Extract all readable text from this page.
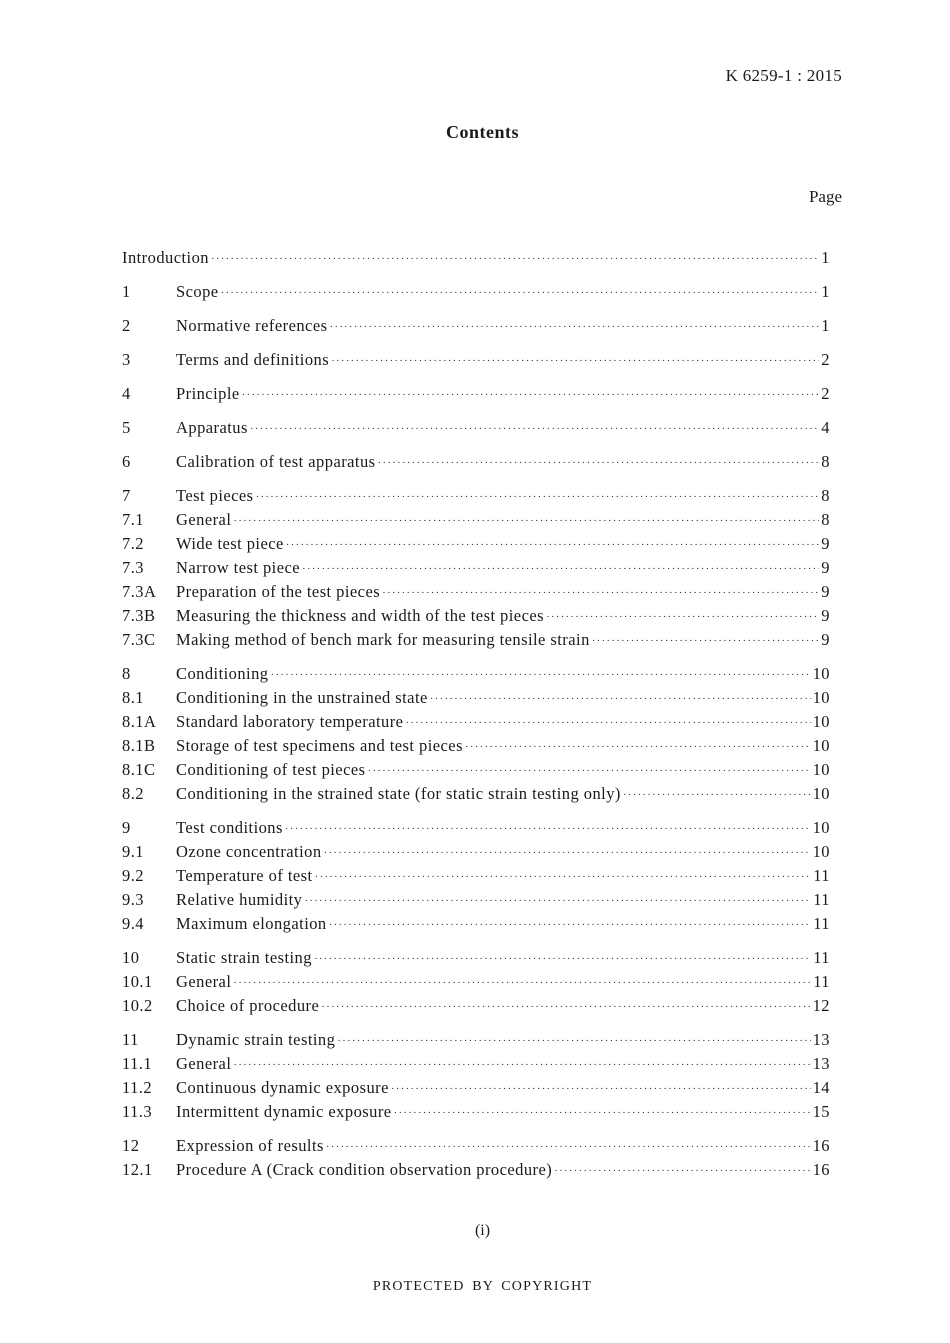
K 6259-1 : 2015
Contents
Page
Introduction ·····	1
1	Scope ·····	1
2	Normative references ·····	1
3	Terms and definitions ·····	2
4	Principle ·····	2
5	Apparatus ·····	4
6	Calibration of test apparatus ·····	8
7	Test pieces ·····	8
7.1	General ·····	8
7.2	Wide test piece ·····	9
7.3	Narrow test piece ·····	9
7.3A	Preparation of the test pieces ·····	9
7.3B	Measuring the thickness and width of the test pieces ·····	9
7.3C	Making method of bench mark for measuring tensile strain ·····	9
8	Conditioning ·····	10
8.1	Conditioning in the unstrained state ·····	10
8.1A	Standard laboratory temperature ·····	10
8.1B	Storage of test specimens and test pieces ·····	10
8.1C	Conditioning of test pieces ·····	10
8.2	Conditioning in the strained state (for static strain testing only) ·····	10
9	Test conditions ·····	10
9.1	Ozone concentration ·····	10
9.2	Temperature of test ·····	11
9.3	Relative humidity ·····	11
9.4	Maximum elongation ·····	11
10	Static strain testing ·····	11
10.1	General ·····	11
10.2	Choice of procedure ·····	12
11	Dynamic strain testing ·····	13
11.1	General ·····	13
11.2	Continuous dynamic exposure ·····	14
11.3	Intermittent dynamic exposure ·····	15
12	Expression of results ·····	16
12.1	Procedure A (Crack condition observation procedure) ·····	16
(i)
PROTECTED BY COPYRIGHT
